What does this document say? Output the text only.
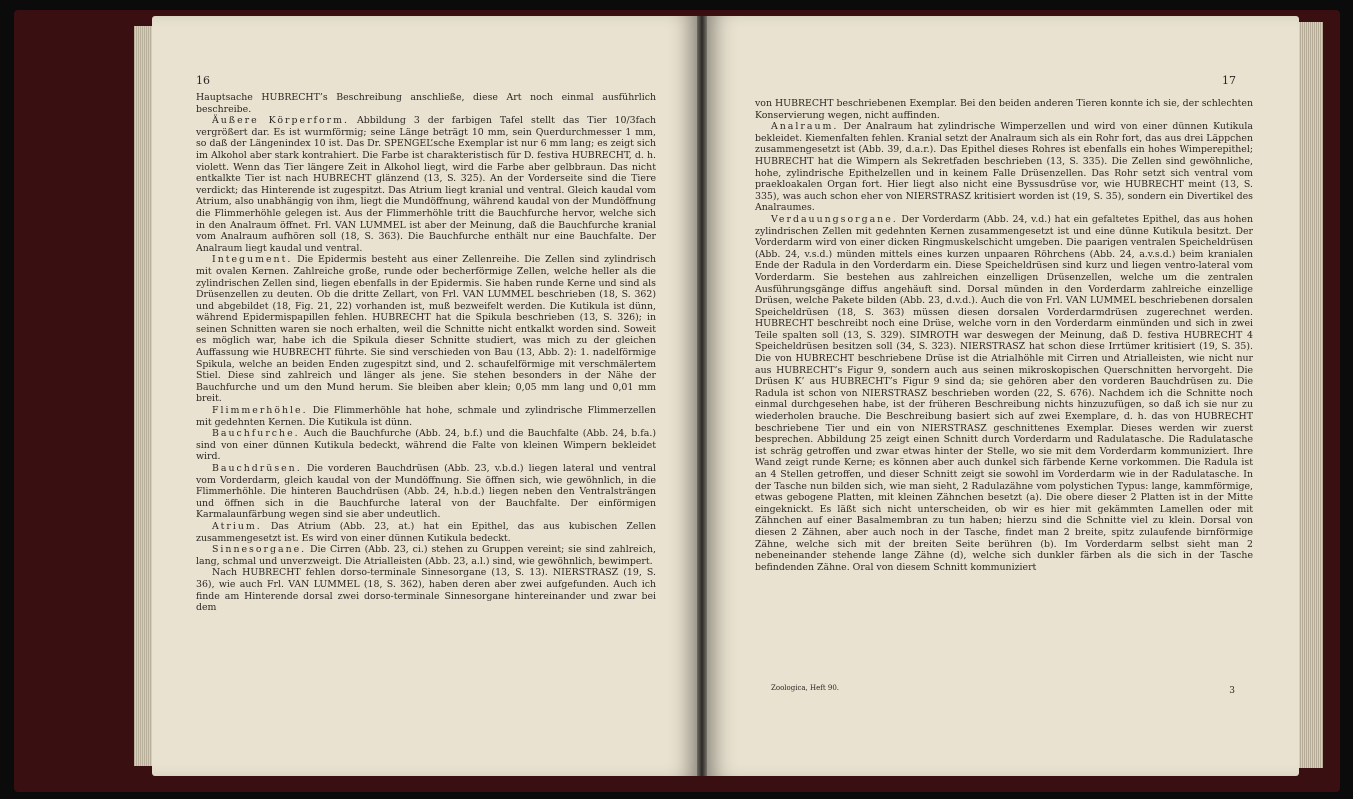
16

Hauptsache HUBRECHT’s Beschreibung anschließe, diese Art noch einmal ausführlich beschreibe.

Äußere Körperform. Abbildung 3 der farbigen Tafel stellt das Tier 10/3fach vergrößert dar. Es ist wurmförmig; seine Länge beträgt 10 mm, sein Querdurchmesser 1 mm, so daß der Längenindex 10 ist. Das Dr. SPENGEL’sche Exemplar ist nur 6 mm lang; es zeigt sich im Alkohol aber stark kontrahiert. Die Farbe ist charakteristisch für D. festiva HUBRECHT, d. h. violett. Wenn das Tier längere Zeit in Alkohol liegt, wird die Farbe aber gelbbraun. Das nicht entkalkte Tier ist nach HUBRECHT glänzend (13, S. 325). An der Vorderseite sind die Tiere verdickt; das Hinterende ist zugespitzt. Das Atrium liegt kranial und ventral. Gleich kaudal vom Atrium, also unabhängig von ihm, liegt die Mundöffnung, während kaudal von der Mundöffnung die Flimmerhöhle gelegen ist. Aus der Flimmerhöhle tritt die Bauchfurche hervor, welche sich in den Analraum öffnet. Frl. VAN LUMMEL ist aber der Meinung, daß die Bauchfurche kranial vom Analraum aufhören soll (18, S. 363). Die Bauchfurche enthält nur eine Bauchfalte. Der Analraum liegt kaudal und ventral.

Integument. Die Epidermis besteht aus einer Zellenreihe. Die Zellen sind zylindrisch mit ovalen Kernen. Zahlreiche große, runde oder becherförmige Zellen, welche heller als die zylindrischen Zellen sind, liegen ebenfalls in der Epidermis. Sie haben runde Kerne und sind als Drüsenzellen zu deuten. Ob die dritte Zellart, von Frl. VAN LUMMEL beschrieben (18, S. 362) und abgebildet (18, Fig. 21, 22) vorhanden ist, muß bezweifelt werden. Die Kutikula ist dünn, während Epidermispapillen fehlen. HUBRECHT hat die Spikula beschrieben (13, S. 326); in seinen Schnitten waren sie noch erhalten, weil die Schnitte nicht entkalkt worden sind. Soweit es möglich war, habe ich die Spikula dieser Schnitte studiert, was mich zu der gleichen Auffassung wie HUBRECHT führte. Sie sind verschieden von Bau (13, Abb. 2): 1. nadelförmige Spikula, welche an beiden Enden zugespitzt sind, und 2. schaufelförmige mit verschmälertem Stiel. Diese sind zahlreich und länger als jene. Sie stehen besonders in der Nähe der Bauchfurche und um den Mund herum. Sie bleiben aber klein; 0,05 mm lang und 0,01 mm breit.

Flimmerhöhle. Die Flimmerhöhle hat hohe, schmale und zylindrische Flimmerzellen mit gedehnten Kernen. Die Kutikula ist dünn.

Bauchfurche. Auch die Bauchfurche (Abb. 24, b.f.) und die Bauchfalte (Abb. 24, b.fa.) sind von einer dünnen Kutikula bedeckt, während die Falte von kleinen Wimpern bekleidet wird.

Bauchdrüsen. Die vorderen Bauchdrüsen (Abb. 23, v.b.d.) liegen lateral und ventral vom Vorderdarm, gleich kaudal von der Mundöffnung. Sie öffnen sich, wie gewöhnlich, in die Flimmerhöhle. Die hinteren Bauchdrüsen (Abb. 24, h.b.d.) liegen neben den Ventralsträngen und öffnen sich in die Bauchfurche lateral von der Bauchfalte. Der einförmigen Karmalaunfärbung wegen sind sie aber undeutlich.

Atrium. Das Atrium (Abb. 23, at.) hat ein Epithel, das aus kubischen Zellen zusammengesetzt ist. Es wird von einer dünnen Kutikula bedeckt.

Sinnesorgane. Die Cirren (Abb. 23, ci.) stehen zu Gruppen vereint; sie sind zahlreich, lang, schmal und unverzweigt. Die Atrialleisten (Abb. 23, a.l.) sind, wie gewöhnlich, bewimpert.

Nach HUBRECHT fehlen dorso-terminale Sinnesorgane (13, S. 13). NIERSTRASZ (19, S. 36), wie auch Frl. VAN LUMMEL (18, S. 362), haben deren aber zwei aufgefunden. Auch ich finde am Hinterende dorsal zwei dorso-terminale Sinnesorgane hintereinander und zwar bei dem

17

von HUBRECHT beschriebenen Exemplar. Bei den beiden anderen Tieren konnte ich sie, der schlechten Konservierung wegen, nicht auffinden.

Analraum. Der Analraum hat zylindrische Wimperzellen und wird von einer dünnen Kutikula bekleidet. Kiemenfalten fehlen. Kranial setzt der Analraum sich als ein Rohr fort, das aus drei Läppchen zusammengesetzt ist (Abb. 39, d.a.r.). Das Epithel dieses Rohres ist ebenfalls ein hohes Wimperepithel; HUBRECHT hat die Wimpern als Sekretfaden beschrieben (13, S. 335). Die Zellen sind gewöhnliche, hohe, zylindrische Epithelzellen und in keinem Falle Drüsenzellen. Das Rohr setzt sich ventral vom praekloakalen Organ fort. Hier liegt also nicht eine Byssusdrüse vor, wie HUBRECHT meint (13, S. 335), was auch schon eher von NIERSTRASZ kritisiert worden ist (19, S. 35), sondern ein Divertikel des Analraumes.

Verdauungsorgane. Der Vorderdarm (Abb. 24, v.d.) hat ein gefaltetes Epithel, das aus hohen zylindrischen Zellen mit gedehnten Kernen zusammengesetzt ist und eine dünne Kutikula besitzt. Der Vorderdarm wird von einer dicken Ringmuskelschicht umgeben. Die paarigen ventralen Speicheldrüsen (Abb. 24, v.s.d.) münden mittels eines kurzen unpaaren Röhrchens (Abb. 24, a.v.s.d.) beim kranialen Ende der Radula in den Vorderdarm ein. Diese Speicheldrüsen sind kurz und liegen ventro-lateral vom Vorderdarm. Sie bestehen aus zahlreichen einzelligen Drüsenzellen, welche um die zentralen Ausführungsgänge diffus angehäuft sind. Dorsal münden in den Vorderdarm zahlreiche einzellige Drüsen, welche Pakete bilden (Abb. 23, d.v.d.). Auch die von Frl. VAN LUMMEL beschriebenen dorsalen Speicheldrüsen (18, S. 363) müssen diesen dorsalen Vorderdarmdrüsen zugerechnet werden. HUBRECHT beschreibt noch eine Drüse, welche vorn in den Vorderdarm einmünden und sich in zwei Teile spalten soll (13, S. 329). SIMROTH war deswegen der Meinung, daß D. festiva HUBRECHT 4 Speicheldrüsen besitzen soll (34, S. 323). NIERSTRASZ hat schon diese Irrtümer kritisiert (19, S. 35). Die von HUBRECHT beschriebene Drüse ist die Atrialhöhle mit Cirren und Atrialleisten, wie nicht nur aus HUBRECHT’s Figur 9, sondern auch aus seinen mikroskopischen Querschnitten hervorgeht. Die Drüsen K’ aus HUBRECHT’s Figur 9 sind da; sie gehören aber den vorderen Bauchdrüsen zu. Die Radula ist schon von NIERSTRASZ beschrieben worden (22, S. 676). Nachdem ich die Schnitte noch einmal durchgesehen habe, ist der früheren Beschreibung nichts hinzuzufügen, so daß ich sie nur zu wiederholen brauche. Die Beschreibung basiert sich auf zwei Exemplare, d. h. das von HUBRECHT beschriebene Tier und ein von NIERSTRASZ geschnittenes Exemplar. Dieses werden wir zuerst besprechen. Abbildung 25 zeigt einen Schnitt durch Vorderdarm und Radulatasche. Die Radulatasche ist schräg getroffen und zwar etwas hinter der Stelle, wo sie mit dem Vorderdarm kommuniziert. Ihre Wand zeigt runde Kerne; es können aber auch dunkel sich färbende Kerne vorkommen. Die Radula ist an 4 Stellen getroffen, und dieser Schnitt zeigt sie sowohl im Vorderdarm wie in der Radulatasche. In der Tasche nun bilden sich, wie man sieht, 2 Radulazähne vom polystichen Typus: lange, kammförmige, etwas gebogene Platten, mit kleinen Zähnchen besetzt (a). Die obere dieser 2 Platten ist in der Mitte eingeknickt. Es läßt sich nicht unterscheiden, ob wir es hier mit gekämmten Lamellen oder mit Zähnchen auf einer Basalmembran zu tun haben; hierzu sind die Schnitte viel zu klein. Dorsal von diesen 2 Zähnen, aber auch noch in der Tasche, findet man 2 breite, spitz zulaufende birnförmige Zähne, welche sich mit der breiten Seite berühren (b). Im Vorderdarm selbst sieht man 2 nebeneinander stehende lange Zähne (d), welche sich dunkler färben als die sich in der Tasche befindenden Zähne. Oral von diesem Schnitt kommuniziert

Zoologica, Heft 90.	3
